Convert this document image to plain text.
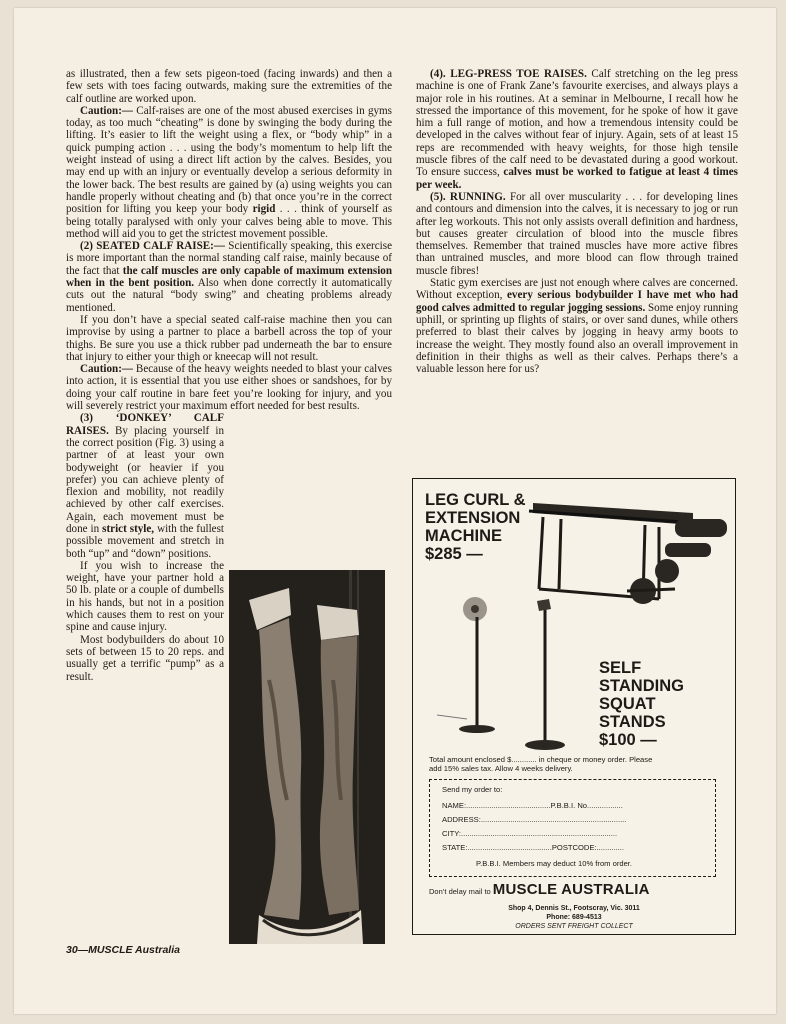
as illustrated, then a few sets pigeon-toed (facing inwards) and then a few sets with toes facing outwards, making sure the extremities of the calf outline are worked upon.

Caution:— Calf-raises are one of the most abused exercises in gyms today, as too much “cheating” is done by swinging the body during the lifting. It’s easier to lift the weight using a flex, or “body whip” in a quick pumping action . . . using the body’s momentum to help lift the weight instead of using a direct lift action by the calves. Besides, you may end up with an injury or eventually develop a serious deformity in the lower back. The best results are gained by (a) using weights you can handle properly without cheating and (b) that once you’re in the correct position for lifting you keep your body rigid . . . think of yourself as being totally paralysed with only your calves being able to move. This method will aid you to get the strictest movement possible.

(2) SEATED CALF RAISE:— Scientifically speaking, this exercise is more important than the normal standing calf raise, mainly because of the fact that the calf muscles are only capable of maximum extension when in the bent position. Also when done correctly it automatically cuts out the natural “body swing” and cheating problems already mentioned.

If you don’t have a special seated calf-raise machine then you can improvise by using a partner to place a barbell across the top of your thighs. Be sure you use a thick rubber pad underneath the bar to ensure that injury to either your thigh or kneecap will not result.

Caution:— Because of the heavy weights needed to blast your calves into action, it is essential that you use either shoes or sandshoes, for by doing your calf routine in bare feet you’re looking for injury, and you will severely restrict your maximum effort needed for best results.

(3) ‘DONKEY’ CALF RAISES. By placing yourself in the correct position (Fig. 3) using a partner of at least your own bodyweight (or heavier if you prefer) you can achieve plenty of flexion and mobility, not readily achieved by other calf exercises. Again, each movement must be done in strict style, with the fullest possible movement and stretch in both “up” and “down” positions.

If you wish to increase the weight, have your partner hold a 50 lb. plate or a couple of dumbells in his hands, but not in a position which causes them to rest on your spine and cause injury.

Most bodybuilders do about 10 sets of between 15 to 20 reps. and usually get a terrific “pump” as a result.

(4). LEG-PRESS TOE RAISES. Calf stretching on the leg press machine is one of Frank Zane’s favourite exercises, and always plays a major role in his routines. At a seminar in Melbourne, I recall how he stressed the importance of this movement, for he spoke of how it gave him a full range of motion, and how a tremendous intensity could be developed in the calves without fear of injury. Again, sets of at least 15 reps are recommended with heavy weights, for those high tensile muscle fibres of the calf need to be devastated during a good workout. To ensure success, calves must be worked to fatigue at least 4 times per week.

(5). RUNNING. For all over muscularity . . . for developing lines and contours and dimension into the calves, it is necessary to jog or run after leg workouts. This not only assists overall definition and hardness, but causes greater circulation of blood into the muscle fibres themselves. Remember that trained muscles have more active fibres than untrained muscles, and more blood can flow through trained muscle fibres!

Static gym exercises are just not enough where calves are concerned. Without exception, every serious bodybuilder I have met who had good calves admitted to regular jogging sessions. Some enjoy running uphill, or sprinting up flights of stairs, or over sand dunes, while others preferred to blast their calves by jogging in heavy army boots to increase the weight. They mostly found also an overall improvement in definition in their thighs as well as their calves. Perhaps there’s a valuable lesson here for us?

LEG CURL &
EXTENSION
MACHINE
$285 —
SELF
STANDING
SQUAT
STANDS
$100 —
Total amount enclosed $............ in cheque or money order. Please
add 15% sales tax. Allow 4 weeks delivery.
Send my order to:
NAME:........................................P.B.B.I. No.................
ADDRESS:.....................................................................
CITY:..........................................................................
STATE:........................................POSTCODE:.............
P.B.B.I. Members may deduct 10% from order.
Don’t delay mail to MUSCLE AUSTRALIA
Shop 4, Dennis St., Footscray, Vic. 3011
Phone: 689-4513
ORDERS SENT FREIGHT COLLECT
30—MUSCLE Australia
